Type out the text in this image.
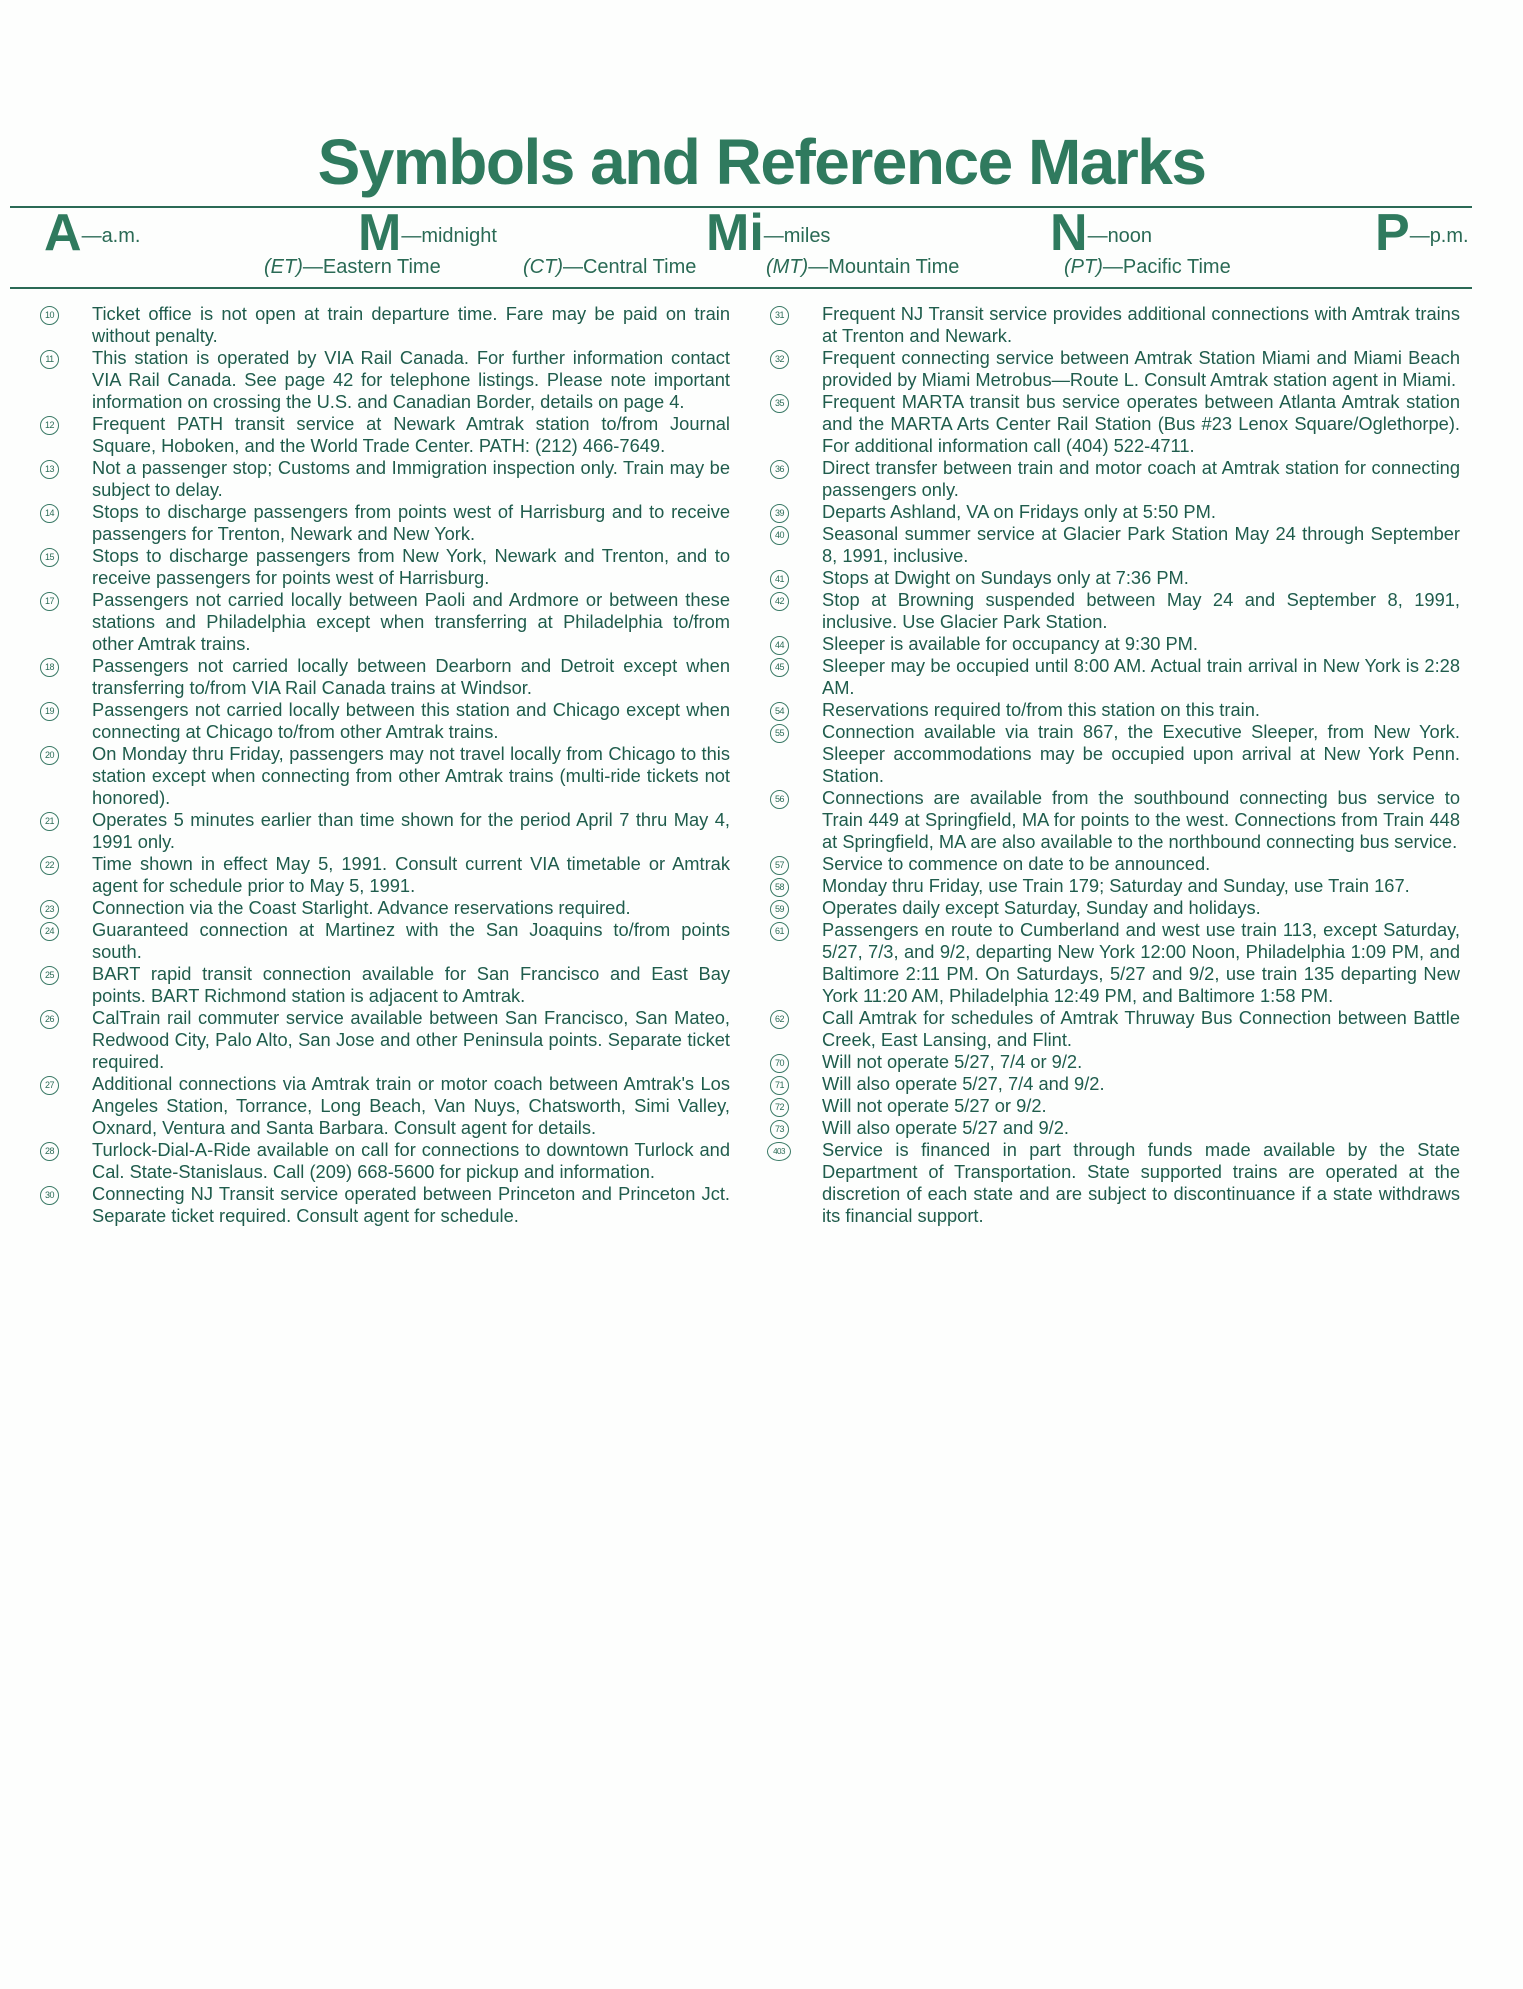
Symbols and Reference Marks
A—a.m.	M—midnight	Mi—miles	N—noon	P—p.m.
(ET)—Eastern Time	(CT)—Central Time	(MT)—Mountain Time	(PT)—Pacific Time

10 Ticket office is not open at train departure time. Fare may be paid on train without penalty.

11 This station is operated by VIA Rail Canada. For further information contact VIA Rail Canada. See page 42 for telephone listings. Please note important information on crossing the U.S. and Canadian Border, details on page 4.

12 Frequent PATH transit service at Newark Amtrak station to/from Journal Square, Hoboken, and the World Trade Center. PATH: (212) 466-7649.

13 Not a passenger stop; Customs and Immigration inspection only. Train may be subject to delay.

14 Stops to discharge passengers from points west of Harrisburg and to receive passengers for Trenton, Newark and New York.

15 Stops to discharge passengers from New York, Newark and Trenton, and to receive passengers for points west of Harrisburg.

17 Passengers not carried locally between Paoli and Ardmore or between these stations and Philadelphia except when transferring at Philadelphia to/from other Amtrak trains.

18 Passengers not carried locally between Dearborn and Detroit except when transferring to/from VIA Rail Canada trains at Windsor.

19 Passengers not carried locally between this station and Chicago except when connecting at Chicago to/from other Amtrak trains.

20 On Monday thru Friday, passengers may not travel locally from Chicago to this station except when connecting from other Amtrak trains (multi-ride tickets not honored).

21 Operates 5 minutes earlier than time shown for the period April 7 thru May 4, 1991 only.

22 Time shown in effect May 5, 1991. Consult current VIA timetable or Amtrak agent for schedule prior to May 5, 1991.

23 Connection via the Coast Starlight. Advance reservations required.

24 Guaranteed connection at Martinez with the San Joaquins to/from points south.

25 BART rapid transit connection available for San Francisco and East Bay points. BART Richmond station is adjacent to Amtrak.

26 CalTrain rail commuter service available between San Francisco, San Mateo, Redwood City, Palo Alto, San Jose and other Peninsula points. Separate ticket required.

27 Additional connections via Amtrak train or motor coach between Amtrak's Los Angeles Station, Torrance, Long Beach, Van Nuys, Chatsworth, Simi Valley, Oxnard, Ventura and Santa Barbara. Consult agent for details.

28 Turlock-Dial-A-Ride available on call for connections to downtown Turlock and Cal. State-Stanislaus. Call (209) 668-5600 for pickup and information.

30 Connecting NJ Transit service operated between Princeton and Princeton Jct. Separate ticket required. Consult agent for schedule.

31 Frequent NJ Transit service provides additional connections with Amtrak trains at Trenton and Newark.

32 Frequent connecting service between Amtrak Station Miami and Miami Beach provided by Miami Metrobus—Route L. Consult Amtrak station agent in Miami.

35 Frequent MARTA transit bus service operates between Atlanta Amtrak station and the MARTA Arts Center Rail Station (Bus #23 Lenox Square/Oglethorpe). For additional information call (404) 522-4711.

36 Direct transfer between train and motor coach at Amtrak station for connecting passengers only.

39 Departs Ashland, VA on Fridays only at 5:50 PM.

40 Seasonal summer service at Glacier Park Station May 24 through September 8, 1991, inclusive.

41 Stops at Dwight on Sundays only at 7:36 PM.

42 Stop at Browning suspended between May 24 and September 8, 1991, inclusive. Use Glacier Park Station.

44 Sleeper is available for occupancy at 9:30 PM.

45 Sleeper may be occupied until 8:00 AM. Actual train arrival in New York is 2:28 AM.

54 Reservations required to/from this station on this train.

55 Connection available via train 867, the Executive Sleeper, from New York. Sleeper accommodations may be occupied upon arrival at New York Penn. Station.

56 Connections are available from the southbound connecting bus service to Train 449 at Springfield, MA for points to the west. Connections from Train 448 at Springfield, MA are also available to the northbound connecting bus service.

57 Service to commence on date to be announced.

58 Monday thru Friday, use Train 179; Saturday and Sunday, use Train 167.

59 Operates daily except Saturday, Sunday and holidays.

61 Passengers en route to Cumberland and west use train 113, except Saturday, 5/27, 7/3, and 9/2, departing New York 12:00 Noon, Philadelphia 1:09 PM, and Baltimore 2:11 PM. On Saturdays, 5/27 and 9/2, use train 135 departing New York 11:20 AM, Philadelphia 12:49 PM, and Baltimore 1:58 PM.

62 Call Amtrak for schedules of Amtrak Thruway Bus Connection between Battle Creek, East Lansing, and Flint.

70 Will not operate 5/27, 7/4 or 9/2.

71 Will also operate 5/27, 7/4 and 9/2.

72 Will not operate 5/27 or 9/2.

73 Will also operate 5/27 and 9/2.

403	Service is financed in part through funds made available by the State Department of Transportation. State supported trains are operated at the discretion of each state and are subject to discontinuance if a state withdraws its financial support.
